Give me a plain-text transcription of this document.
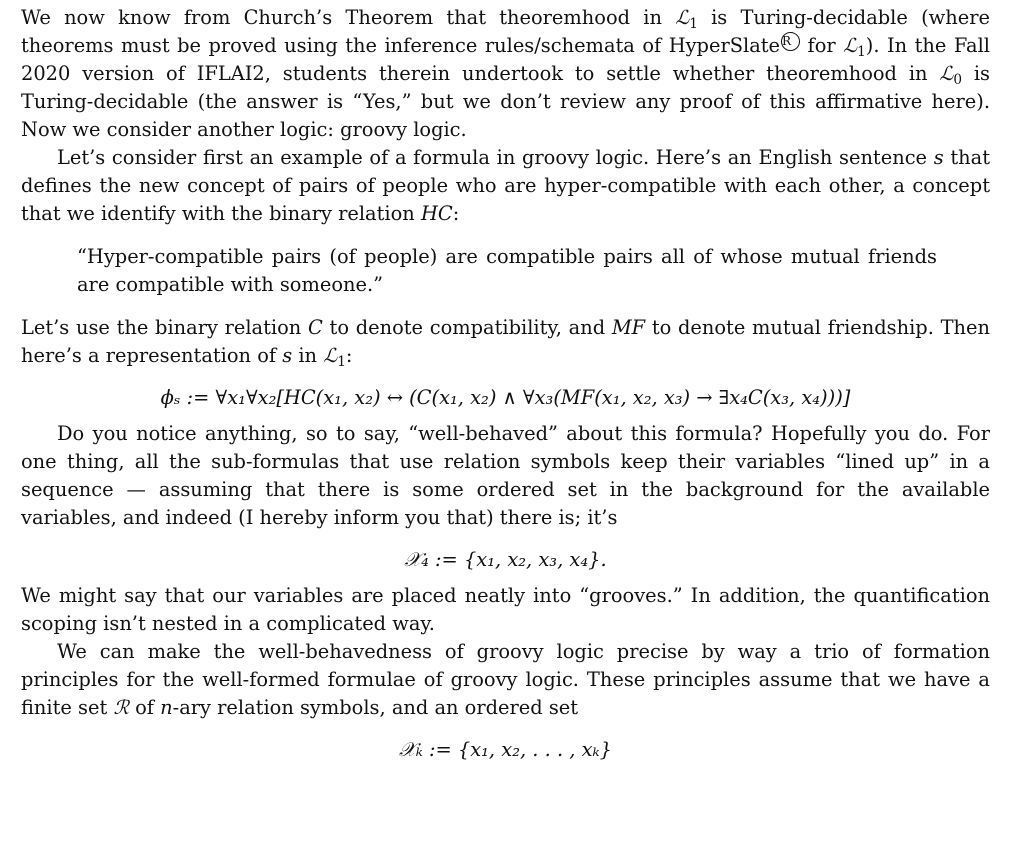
We now know from Church’s Theorem that theoremhood in ℒ$_1$ is Turing-decidable (where theorems must be proved using the inference rules/schemata of HyperSlate R for ℒ$_1$). In the Fall 2020 version of IFLAI2, students therein undertook to settle whether theoremhood in ℒ$_0$ is Turing-decidable (the answer is “Yes,” but we don’t review any proof of this affirmative here). Now we consider another logic: groovy logic.

Let’s consider first an example of a formula in groovy logic. Here’s an English sentence s that defines the new concept of pairs of people who are hyper-compatible with each other, a concept that we identify with the binary relation HC:

“Hyper-compatible pairs (of people) are compatible pairs all of whose mutual friends are compatible with someone.”

Let’s use the binary relation C to denote compatibility, and MF to denote mutual friendship. Then here’s a representation of s in ℒ$_1$:

ϕₛ := ∀x₁∀x₂[HC(x₁, x₂) ↔ (C(x₁, x₂) ∧ ∀x₃(MF(x₁, x₂, x₃) → ∃x₄C(x₃, x₄)))]

Do you notice anything, so to say, “well-behaved” about this formula? Hopefully you do. For one thing, all the sub-formulas that use relation symbols keep their variables “lined up” in a sequence — assuming that there is some ordered set in the background for the available variables, and indeed (I hereby inform you that) there is; it’s

𝒳₄ := {x₁, x₂, x₃, x₄}.

We might say that our variables are placed neatly into “grooves.” In addition, the quantification scoping isn’t nested in a complicated way.

We can make the well-behavedness of groovy logic precise by way a trio of formation principles for the well-formed formulae of groovy logic. These principles assume that we have a finite set ℛ of n-ary relation symbols, and an ordered set

𝒳ₖ := {x₁, x₂, . . . , xₖ}
